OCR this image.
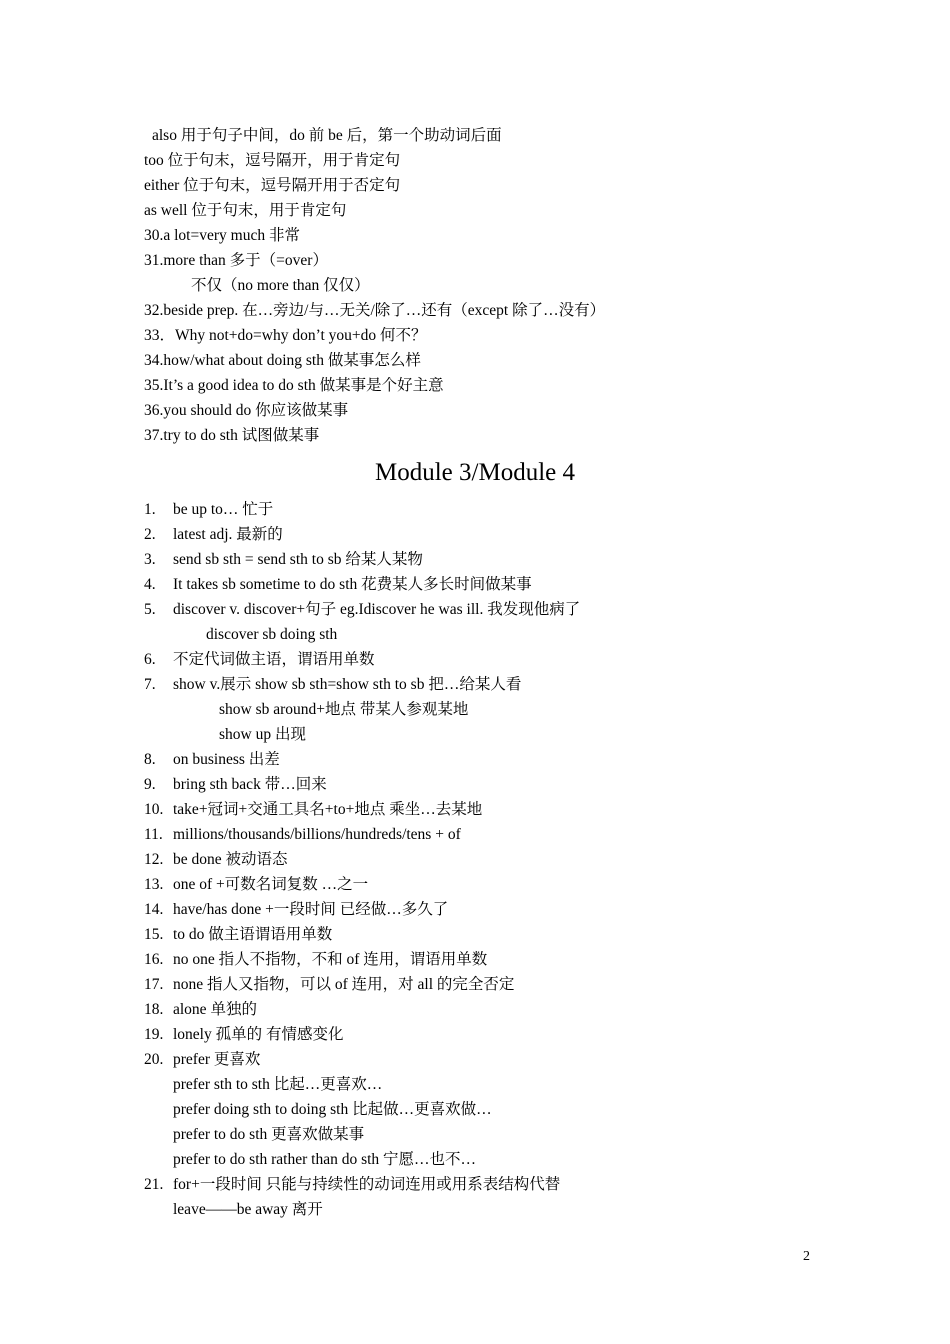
also 用于句子中间，do 前 be 后，第一个助动词后面
too 位于句末，逗号隔开，用于肯定句
either 位于句末，逗号隔开用于否定句
as well 位于句末，用于肯定句
30.a lot=very much 非常
31.more than 多于（=over）
不仅（no more than 仅仅）
32.beside prep. 在…旁边/与…无关/除了…还有（except 除了…没有）
33．Why not+do=why don’t you+do 何不？
34.how/what about doing sth 做某事怎么样
35.It’s a good idea to do sth 做某事是个好主意
36.you should do 你应该做某事
37.try to do sth 试图做某事
Module 3/Module 4
1.	be up to… 忙于
2.	latest adj. 最新的
3.	send sb sth = send sth to sb 给某人某物
4.	It takes sb sometime to do sth 花费某人多长时间做某事
5.	discover v. discover+句子 eg.Idiscover he was ill. 我发现他病了
discover sb doing sth
6.	不定代词做主语，谓语用单数
7.	show v.展示 show sb sth=show sth to sb 把…给某人看
show sb around+地点 带某人参观某地
show up 出现
8.	on business 出差
9.	bring sth back 带…回来
10. take+冠词+交通工具名+to+地点 乘坐…去某地
11. millions/thousands/billions/hundreds/tens + of
12. be done 被动语态
13. one of +可数名词复数 …之一
14. have/has done +一段时间 已经做…多久了
15. to do 做主语谓语用单数
16. no one 指人不指物，不和 of 连用，谓语用单数
17. none 指人又指物，可以 of 连用，对 all 的完全否定
18. alone 单独的
19. lonely 孤单的 有情感变化
20. prefer 更喜欢
prefer sth to sth 比起…更喜欢…
prefer doing sth to doing sth 比起做…更喜欢做…
prefer to do sth 更喜欢做某事
prefer to do sth rather than do sth 宁愿…也不…
21. for+一段时间 只能与持续性的动词连用或用系表结构代替
leave——be away 离开
2
